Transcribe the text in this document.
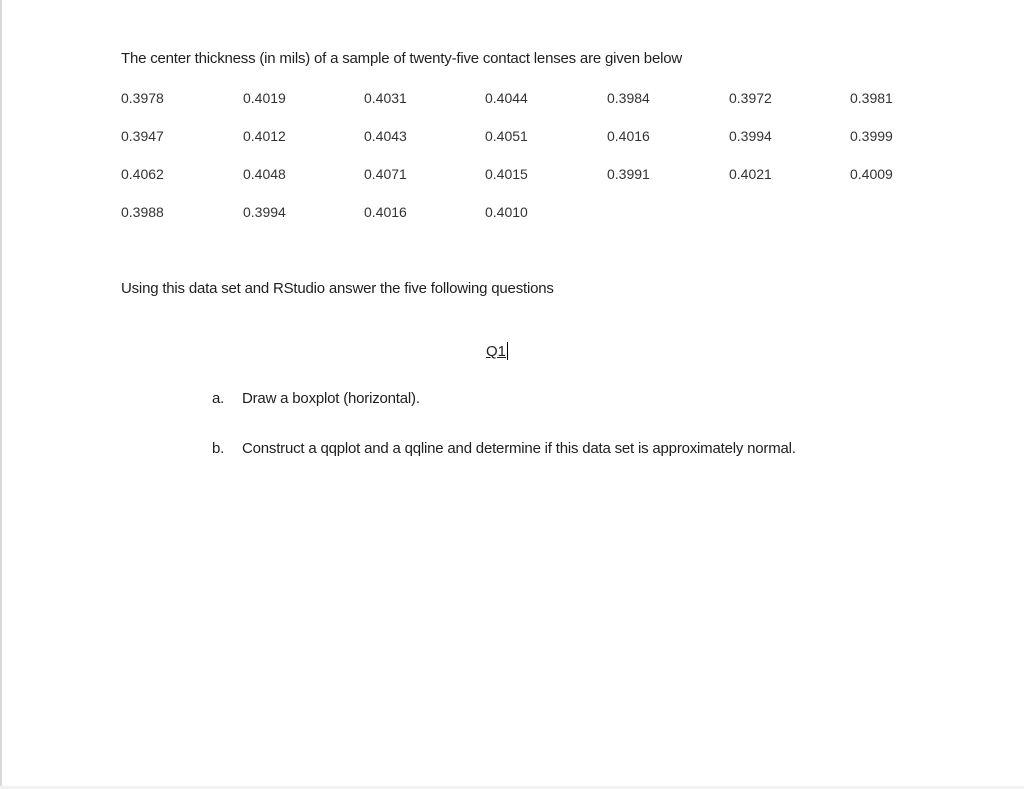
The center thickness (in mils) of a sample of twenty-five contact lenses are given below
0.3978	0.4019	0.4031	0.4044	0.3984	0.3972	0.3981
0.3947	0.4012	0.4043	0.4051	0.4016	0.3994	0.3999
0.4062	0.4048	0.4071	0.4015	0.3991	0.4021	0.4009
0.3988	0.3994	0.4016	0.4010			
Using this data set and RStudio answer the five following questions
Q1
a. Draw a boxplot (horizontal).
b. Construct a qqplot and a qqline and determine if this data set is approximately normal.
